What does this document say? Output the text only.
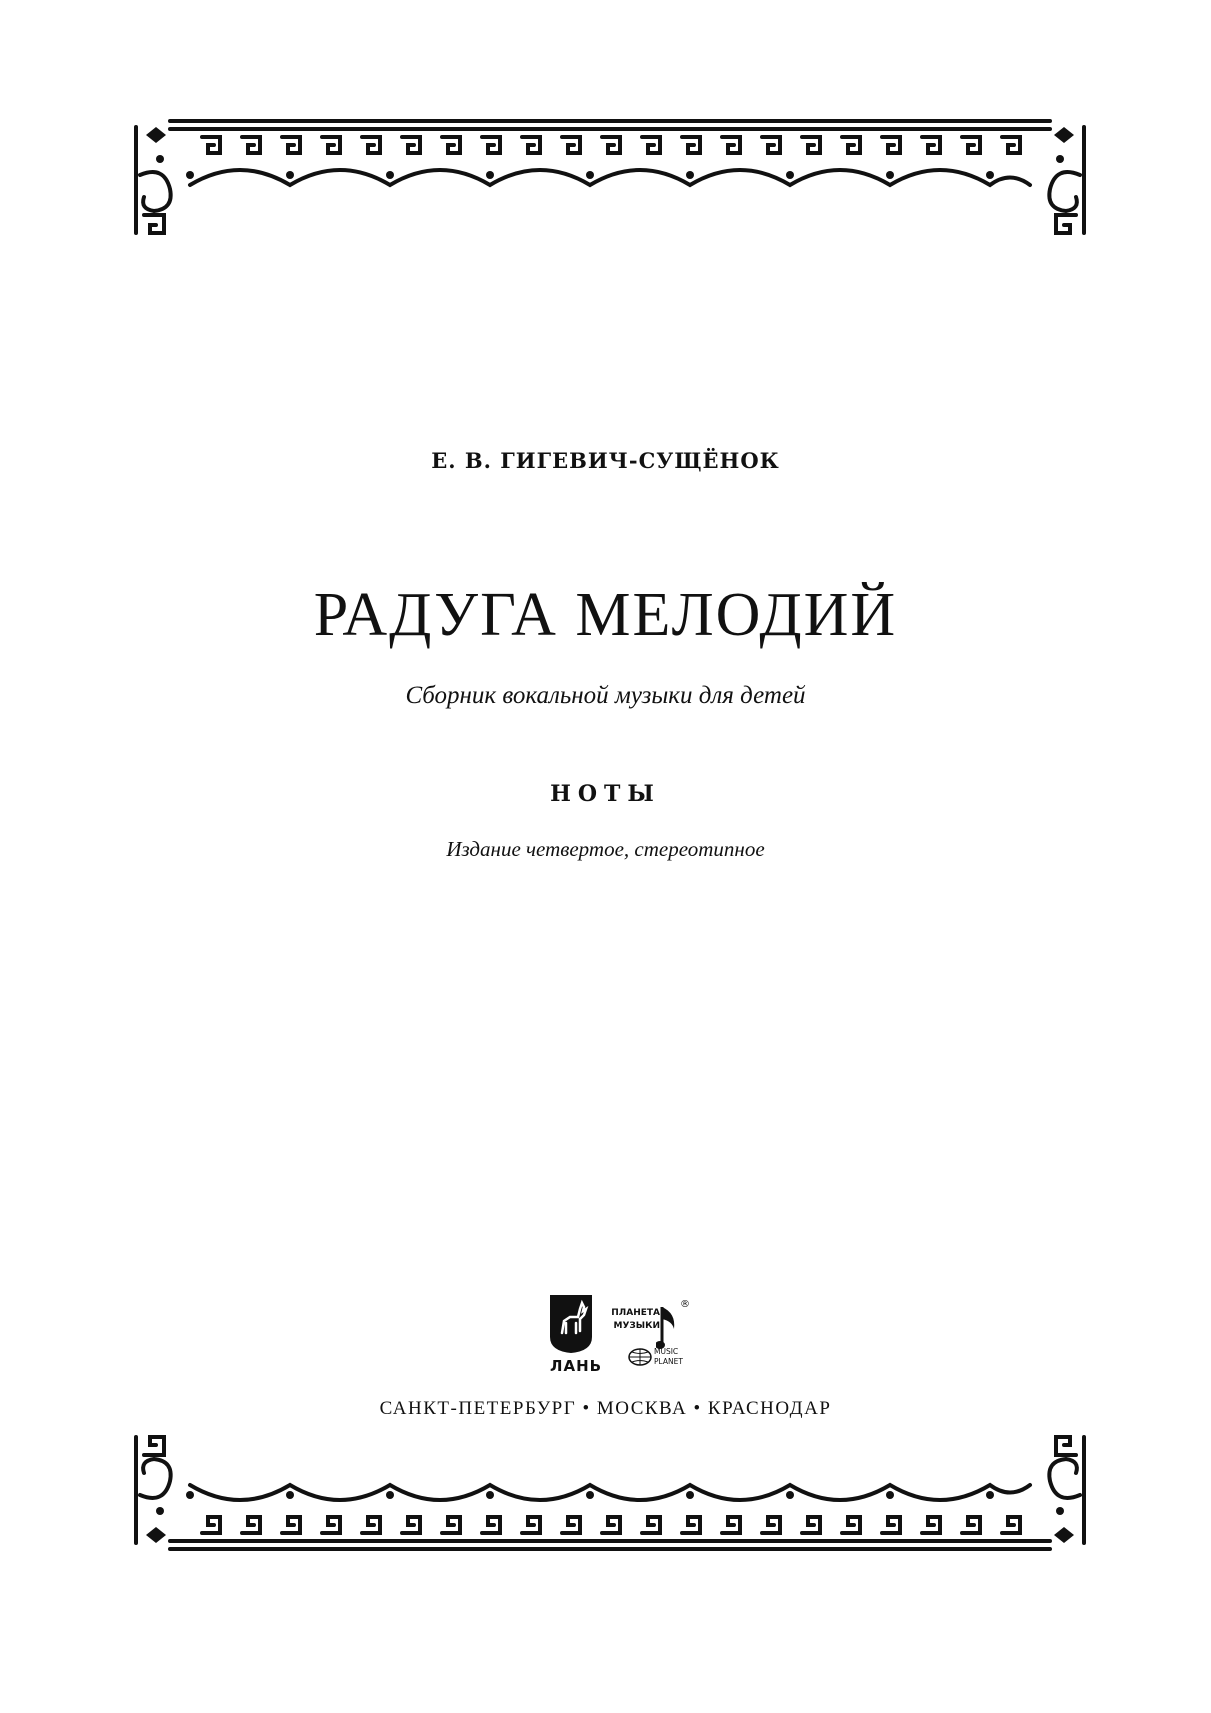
Е. В. ГИГЕВИЧ-СУЩЁНОК
РАДУГА МЕЛОДИЙ
Сборник вокальной музыки для детей
НОТЫ
Издание четвертое, стереотипное
ЛАНЬ
ПЛАНЕТА
МУЗЫКИ
®
MUSIC
PLANET
САНКТ-ПЕТЕРБУРГ • МОСКВА • КРАСНОДАР
